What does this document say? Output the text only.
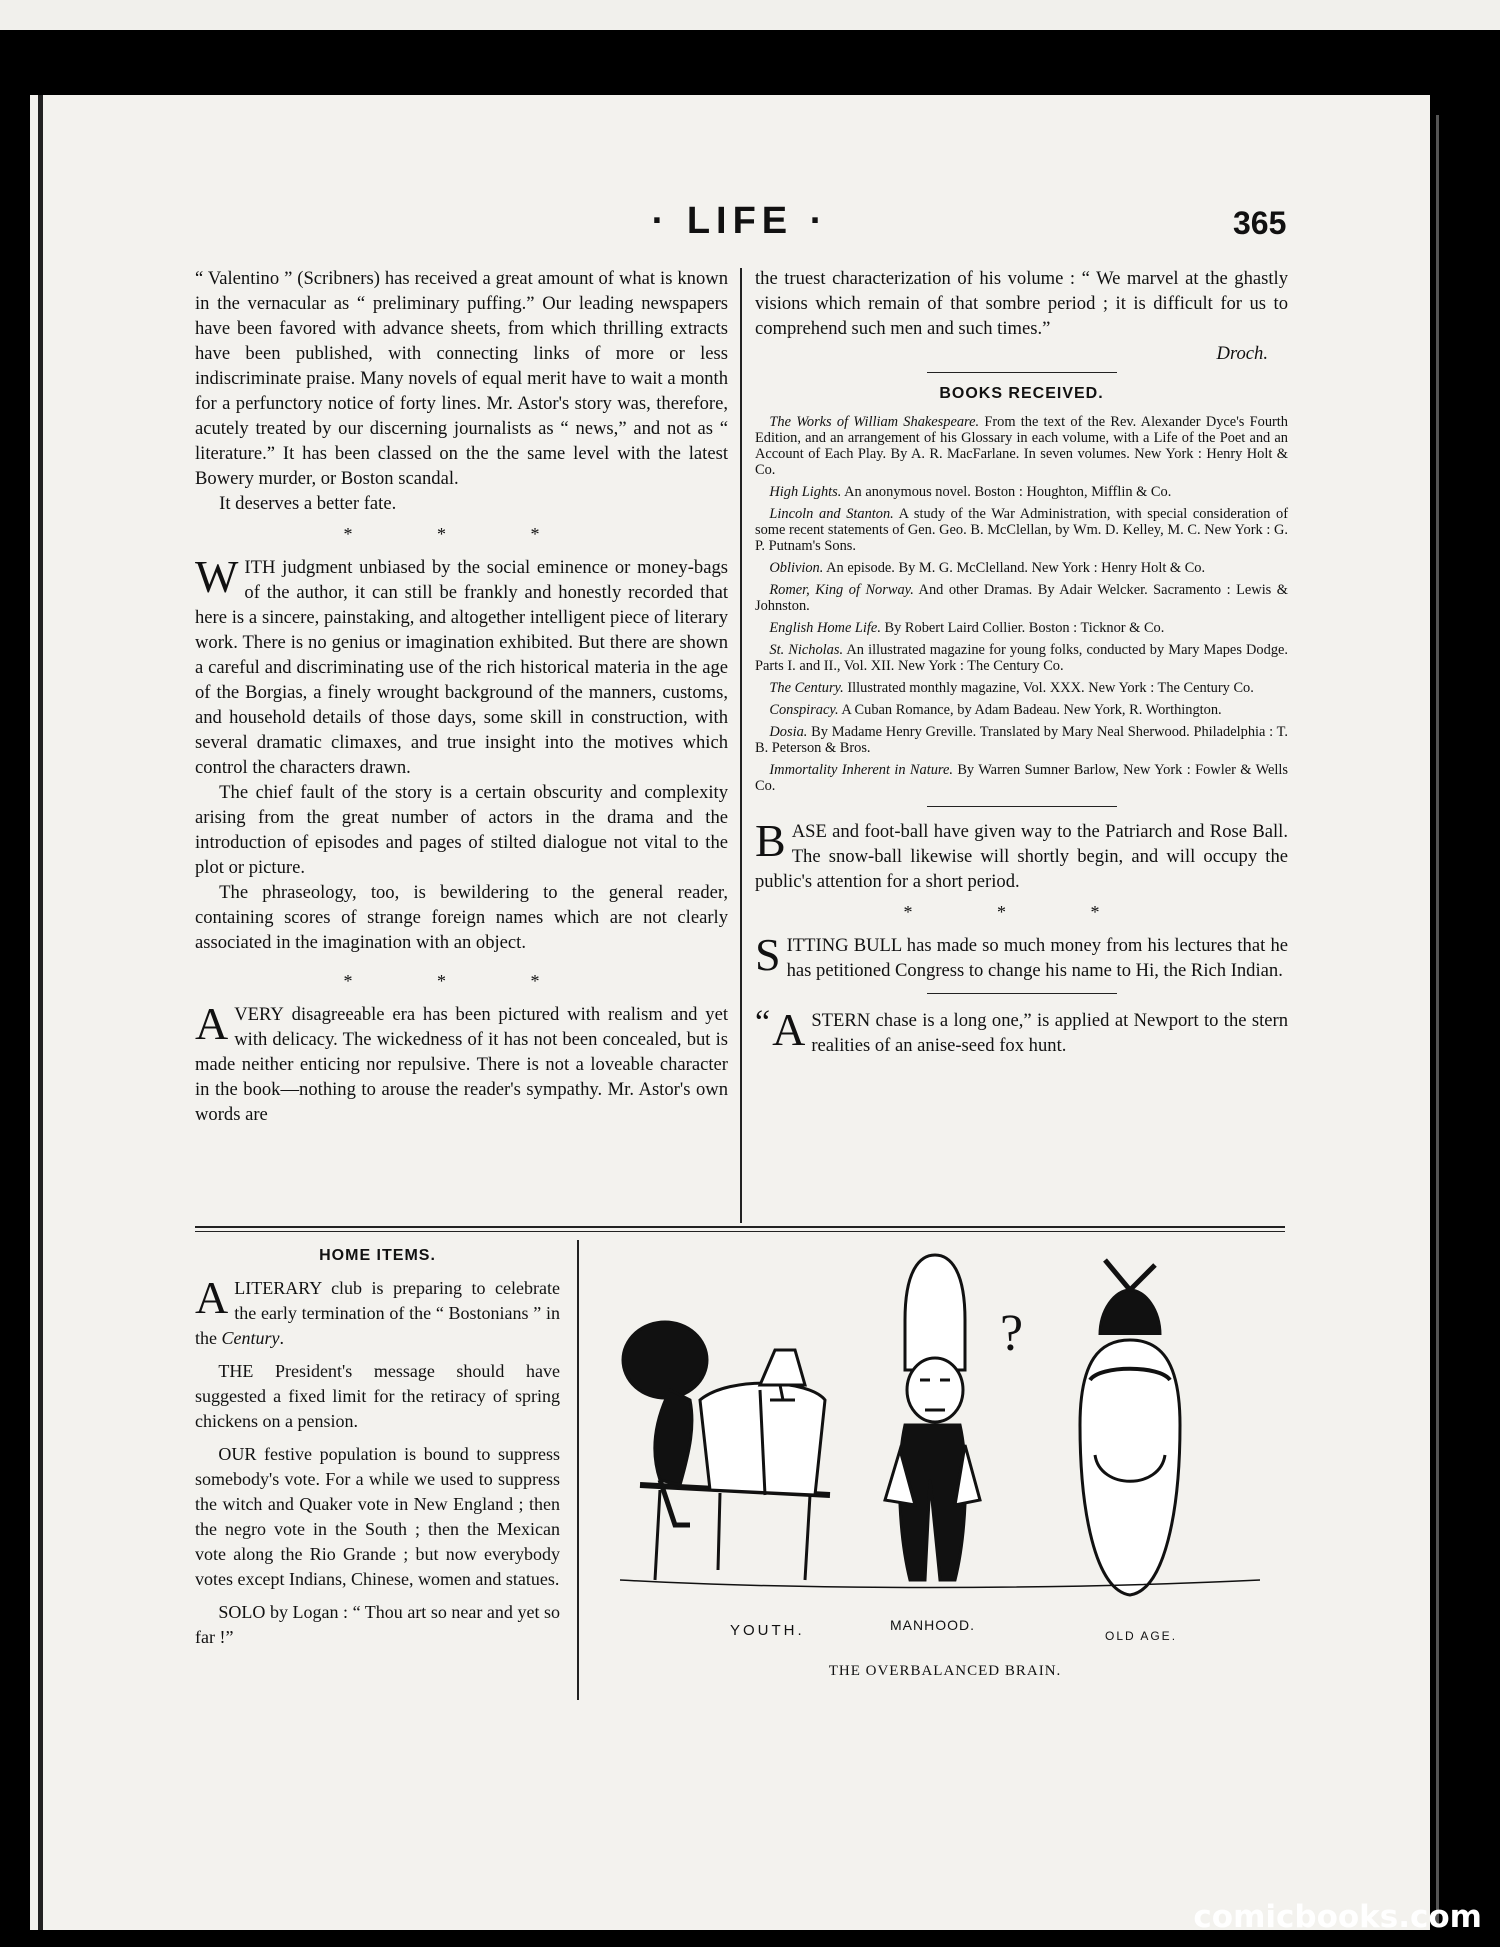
· LIFE ·	365

“ Valentino ” (Scribners) has received a great amount of what is known in the vernacular as “ preliminary puffing.” Our leading newspapers have been favored with advance sheets, from which thrilling extracts have been published, with connecting links of more or less indiscriminate praise. Many novels of equal merit have to wait a month for a perfunctory notice of forty lines. Mr. Astor's story was, therefore, acutely treated by our discerning journalists as “ news,” and not as “ literature.” It has been classed on the the same level with the latest Bowery murder, or Boston scandal.

It deserves a better fate.

* * *

WITH judgment unbiased by the social eminence or money-bags of the author, it can still be frankly and honestly recorded that here is a sincere, painstaking, and altogether intelligent piece of literary work. There is no genius or imagination exhibited. But there are shown a careful and discriminating use of the rich historical materia in the age of the Borgias, a finely wrought background of the manners, customs, and household details of those days, some skill in construction, with several dramatic climaxes, and true insight into the motives which control the characters drawn.

The chief fault of the story is a certain obscurity and complexity arising from the great number of actors in the drama and the introduction of episodes and pages of stilted dialogue not vital to the plot or picture.

The phraseology, too, is bewildering to the general reader, containing scores of strange foreign names which are not clearly associated in the imagination with an object.

* * *

AVERY disagreeable era has been pictured with realism and yet with delicacy. The wickedness of it has not been concealed, but is made neither enticing nor repulsive. There is not a loveable character in the book—nothing to arouse the reader's sympathy. Mr. Astor's own words are

the truest characterization of his volume : “ We marvel at the ghastly visions which remain of that sombre period ; it is difficult for us to comprehend such men and such times.”

Droch.

BOOKS RECEIVED.

The Works of William Shakespeare. From the text of the Rev. Alexander Dyce's Fourth Edition, and an arrangement of his Glossary in each volume, with a Life of the Poet and an Account of Each Play. By A. R. MacFarlane. In seven volumes. New York : Henry Holt & Co.

High Lights. An anonymous novel. Boston : Houghton, Mifflin & Co.

Lincoln and Stanton. A study of the War Administration, with special consideration of some recent statements of Gen. Geo. B. McClellan, by Wm. D. Kelley, M. C. New York : G. P. Putnam's Sons.

Oblivion. An episode. By M. G. McClelland. New York : Henry Holt & Co.

Romer, King of Norway. And other Dramas. By Adair Welcker. Sacramento : Lewis & Johnston.

English Home Life. By Robert Laird Collier. Boston : Ticknor & Co.

St. Nicholas. An illustrated magazine for young folks, conducted by Mary Mapes Dodge. Parts I. and II., Vol. XII. New York : The Century Co.

The Century. Illustrated monthly magazine, Vol. XXX. New York : The Century Co.

Conspiracy. A Cuban Romance, by Adam Badeau. New York, R. Worthington.

Dosia. By Madame Henry Greville. Translated by Mary Neal Sherwood. Philadelphia : T. B. Peterson & Bros.

Immortality Inherent in Nature. By Warren Sumner Barlow, New York : Fowler & Wells Co.

BASE and foot-ball have given way to the Patriarch and Rose Ball. The snow-ball likewise will shortly begin, and will occupy the public's attention for a short period.

* * *

SITTING BULL has made so much money from his lectures that he has petitioned Congress to change his name to Hi, the Rich Indian.

“ A STERN chase is a long one,” is applied at Newport to the stern realities of an anise-seed fox hunt.

HOME ITEMS.

A LITERARY club is preparing to celebrate the early termination of the “ Bostonians ” in the Century.

THE President's message should have suggested a fixed limit for the retiracy of spring chickens on a pension.

OUR festive population is bound to suppress somebody's vote. For a while we used to suppress the witch and Quaker vote in New England ; then the negro vote in the South ; then the Mexican vote along the Rio Grande ; but now everybody votes except Indians, Chinese, women and statues.

SOLO by Logan : “ Thou art so near and yet so far !”

?
YOUTH.	MANHOOD.
OLD AGE.
THE OVERBALANCED BRAIN.
comicbooks.com
